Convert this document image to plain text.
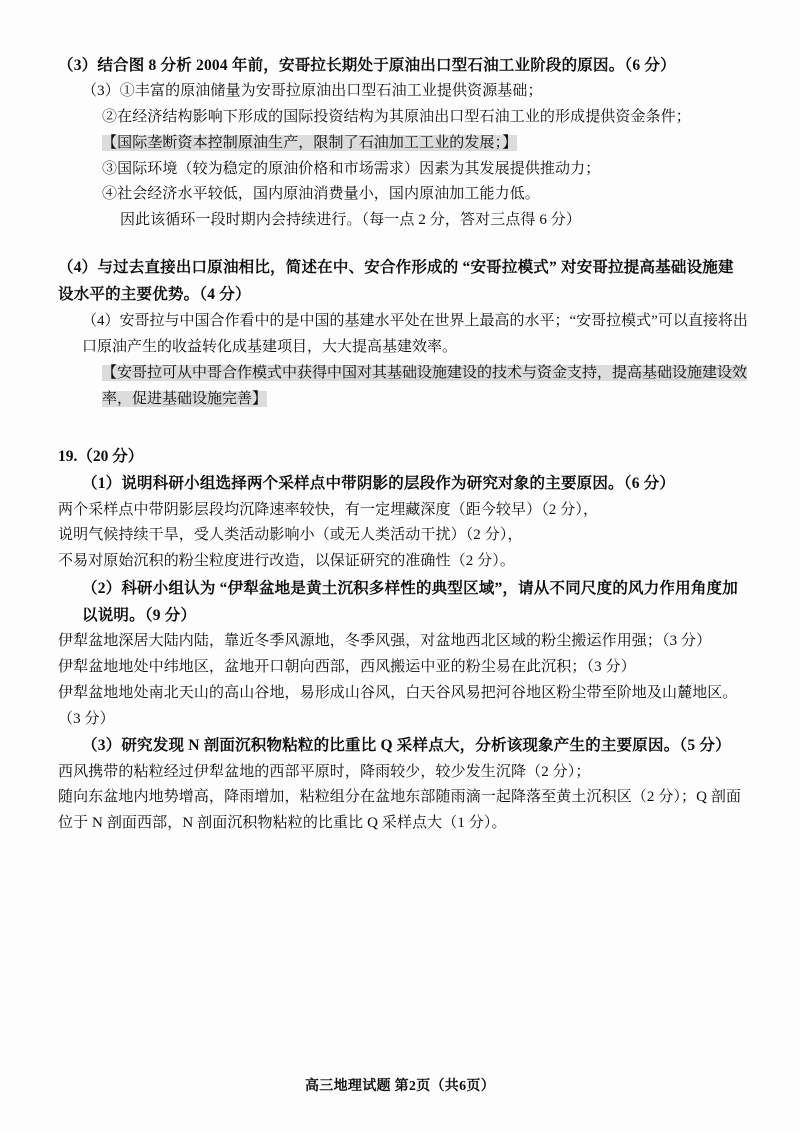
（3）结合图 8 分析 2004 年前，安哥拉长期处于原油出口型石油工业阶段的原因。（6 分）
（3）①丰富的原油储量为安哥拉原油出口型石油工业提供资源基础；
②在经济结构影响下形成的国际投资结构为其原油出口型石油工业的形成提供资金条件；
【国际垄断资本控制原油生产，限制了石油加工工业的发展；】
③国际环境（较为稳定的原油价格和市场需求）因素为其发展提供推动力；
④社会经济水平较低，国内原油消费量小，国内原油加工能力低。
因此该循环一段时期内会持续进行。（每一点 2 分，答对三点得 6 分）
（4）与过去直接出口原油相比，简述在中、安合作形成的 “安哥拉模式” 对安哥拉提高基础设施建设水平的主要优势。（4 分）
（4）安哥拉与中国合作看中的是中国的基建水平处在世界上最高的水平；“安哥拉模式”可以直接将出口原油产生的收益转化成基建项目，大大提高基建效率。
【安哥拉可从中哥合作模式中获得中国对其基础设施建设的技术与资金支持，提高基础设施建设效率，促进基础设施完善】
19.（20 分）
（1）说明科研小组选择两个采样点中带阴影的层段作为研究对象的主要原因。（6 分）
两个采样点中带阴影层段均沉降速率较快，有一定埋藏深度（距今较早）（2 分），
说明气候持续干旱，受人类活动影响小（或无人类活动干扰）（2 分），
不易对原始沉积的粉尘粒度进行改造，以保证研究的准确性（2 分）。
（2）科研小组认为 “伊犁盆地是黄土沉积多样性的典型区域”，请从不同尺度的风力作用角度加以说明。（9 分）
伊犁盆地深居大陆内陆，靠近冬季风源地，冬季风强，对盆地西北区域的粉尘搬运作用强；（3 分）
伊犁盆地地处中纬地区，盆地开口朝向西部，西风搬运中亚的粉尘易在此沉积；（3 分）
伊犁盆地地处南北天山的高山谷地，易形成山谷风，白天谷风易把河谷地区粉尘带至阶地及山麓地区。（3 分）
（3）研究发现 N 剖面沉积物粘粒的比重比 Q 采样点大，分析该现象产生的主要原因。（5 分）
西风携带的粘粒经过伊犁盆地的西部平原时，降雨较少，较少发生沉降（2 分）；
随向东盆地内地势增高，降雨增加，粘粒组分在盆地东部随雨滴一起降落至黄土沉积区（2 分）；Q 剖面位于 N 剖面西部，N 剖面沉积物粘粒的比重比 Q 采样点大（1 分）。
高三地理试题 第2页（共6页）
